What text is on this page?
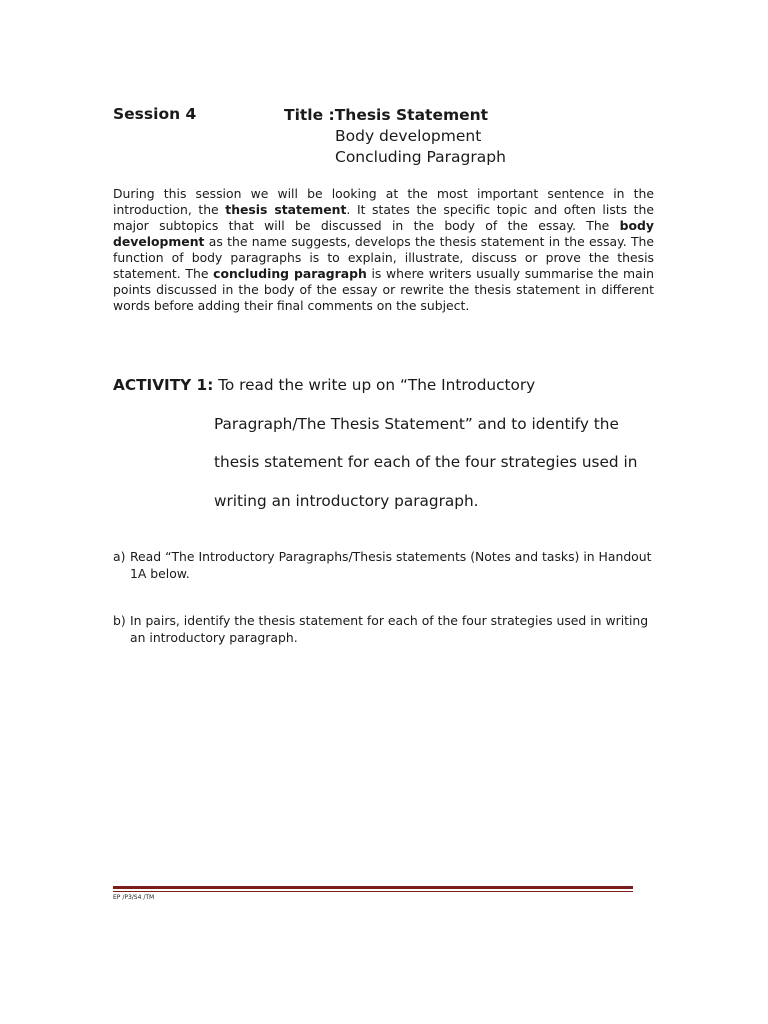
Session 4	Title :Thesis Statement
Body development
Concluding Paragraph

During this session we will be looking at the most important sentence in the introduction, the thesis statement. It states the specific topic and often lists the major subtopics that will be discussed in the body of the essay. The body development as the name suggests, develops the thesis statement in the essay. The function of body paragraphs is to explain, illustrate, discuss or prove the thesis statement. The concluding paragraph is where writers usually summarise the main points discussed in the body of the essay or rewrite the thesis statement in different words before adding their final comments on the subject.

ACTIVITY 1: To read the write up on “The Introductory
Paragraph/The Thesis Statement” and to identify the
thesis statement for each of the four strategies used in
writing an introductory paragraph.
a) Read “The Introductory Paragraphs/Thesis statements (Notes and tasks) in Handout 1A below.
b) In pairs, identify the thesis statement for each of the four strategies used in writing an introductory paragraph.
EP /P3/S4 /TM
